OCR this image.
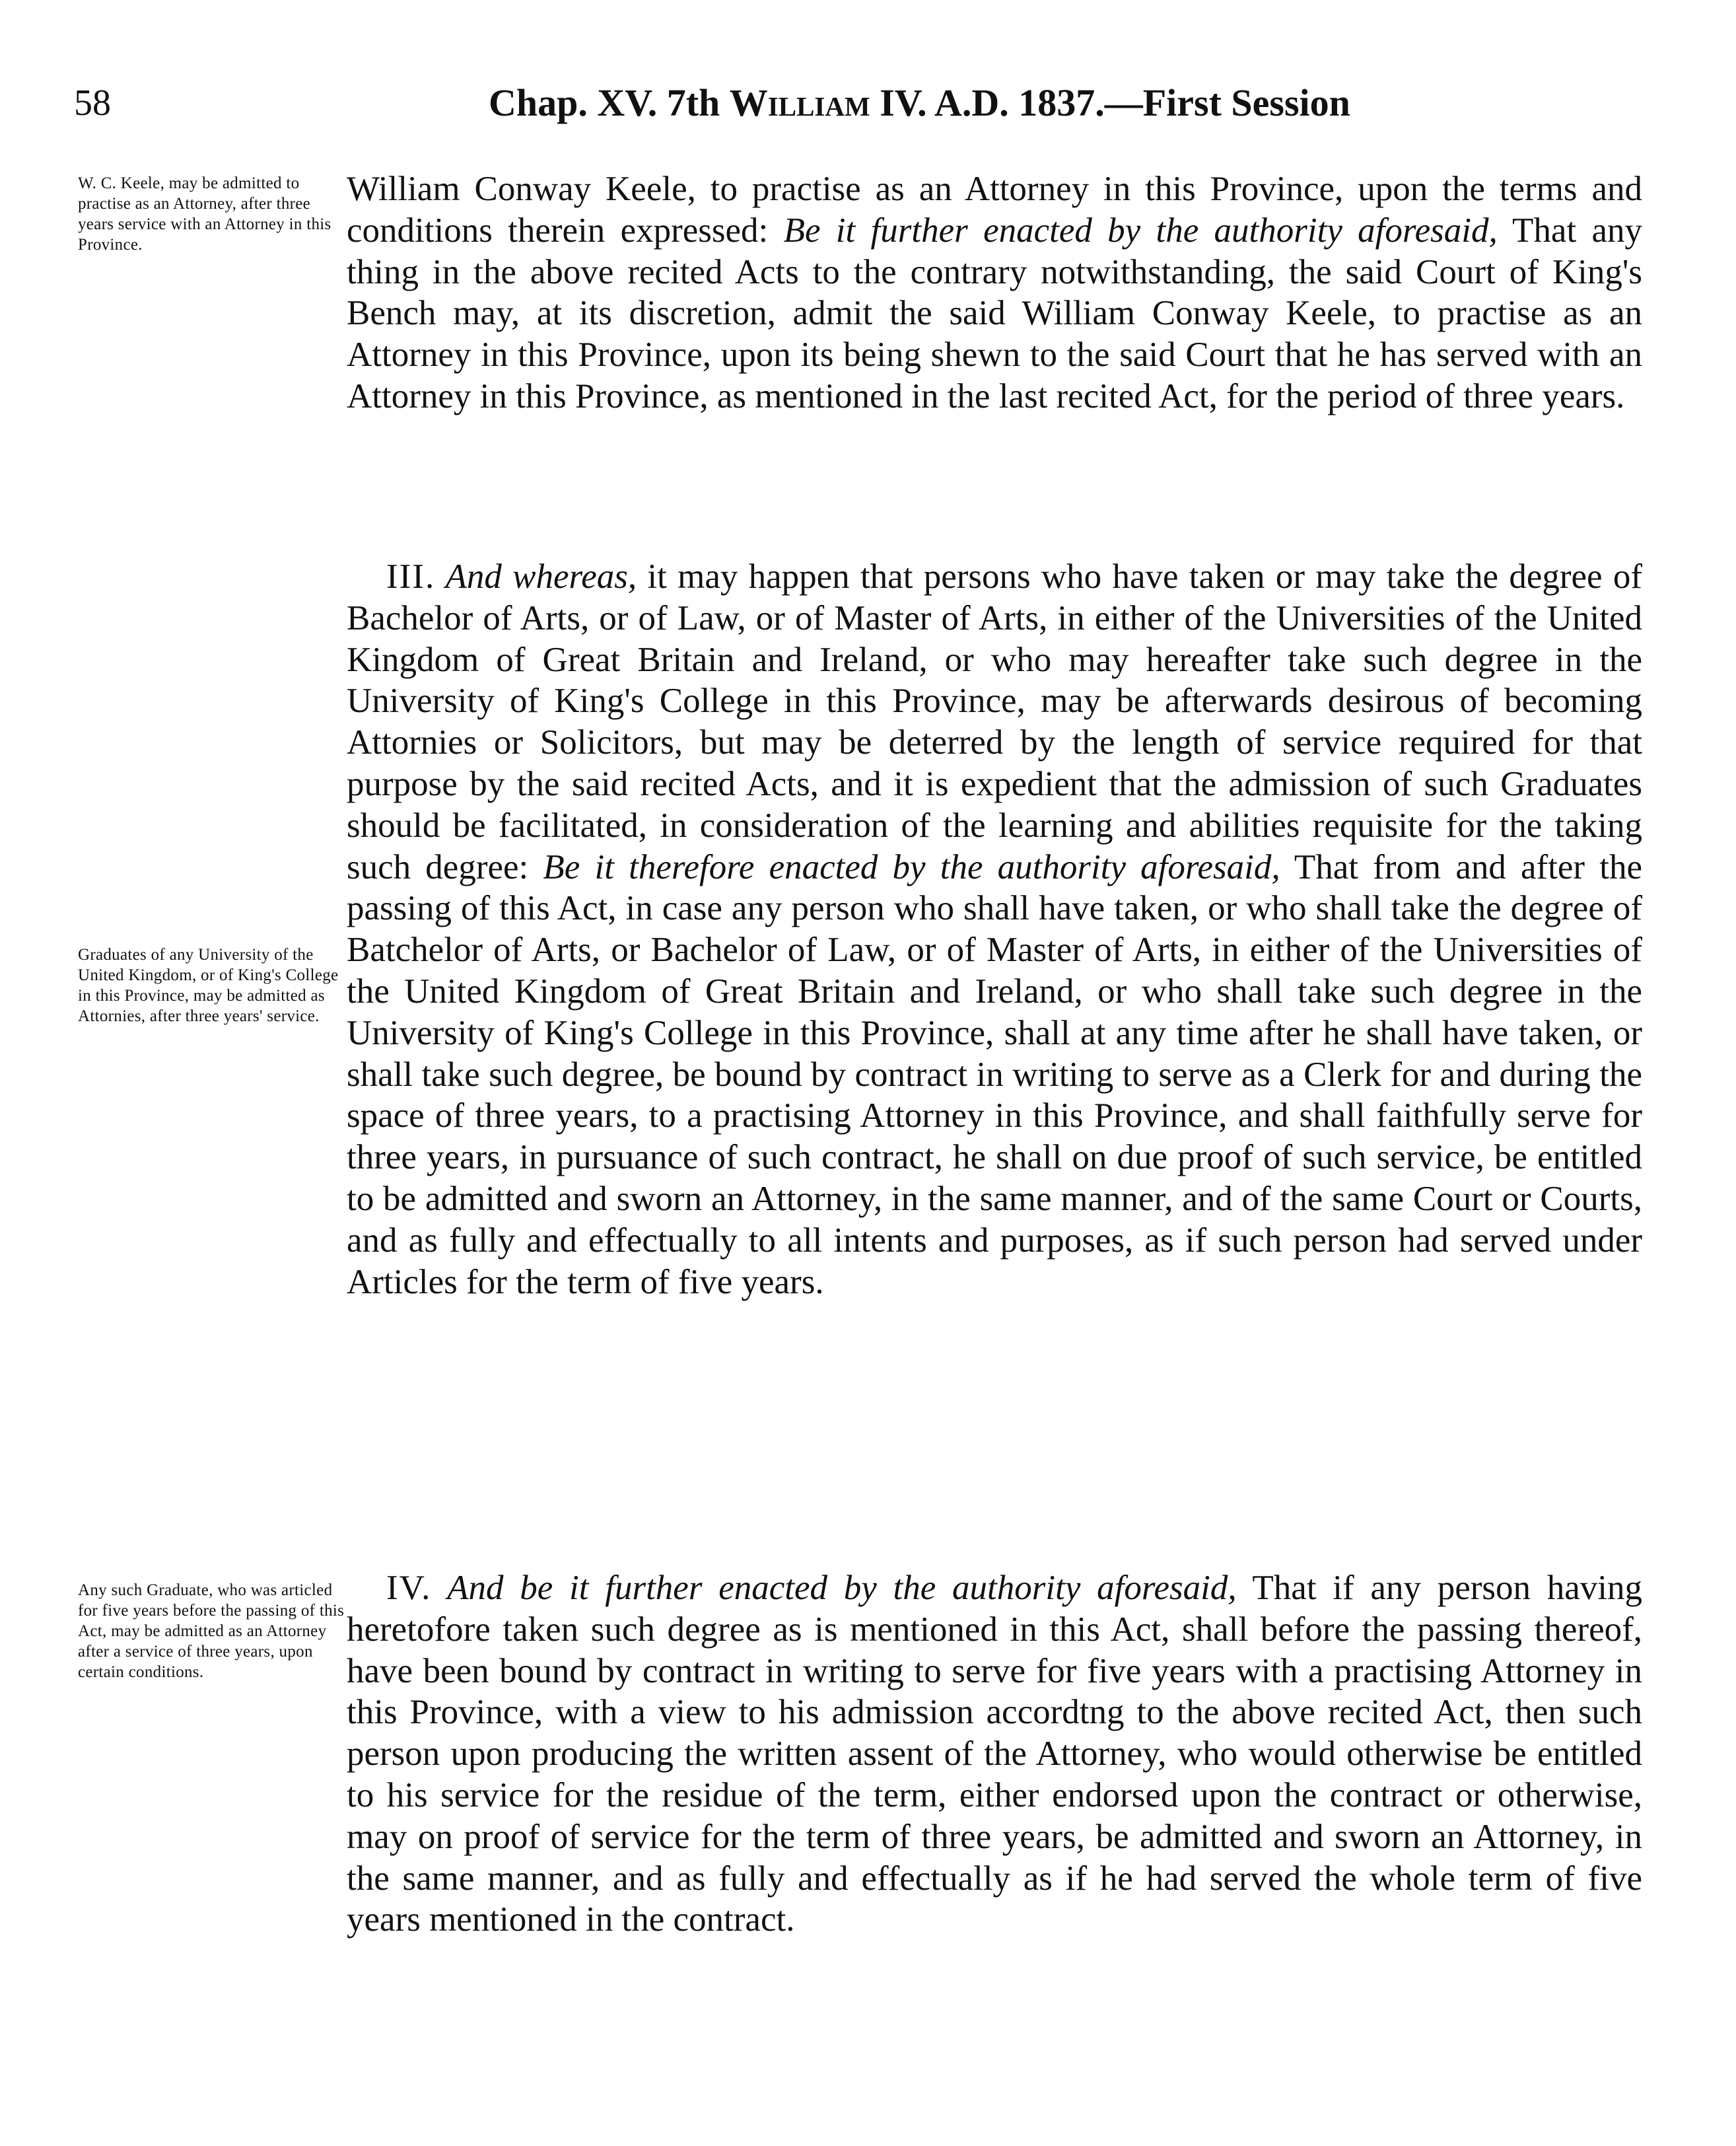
58	Chap. XV. 7th William IV. A.D. 1837.—First Session
W. C. Keele, may be admitted to practise as an Attorney, after three years service with an Attorney in this Province.
Graduates of any University of the United Kingdom, or of King's College in this Province, may be admitted as Attornies, after three years' service.
Any such Graduate, who was articled for five years before the passing of this Act, may be admitted as an Attorney after a service of three years, upon certain conditions.
William Conway Keele, to practise as an Attorney in this Province, upon the terms and conditions therein expressed: Be it further enacted by the authority aforesaid, That any thing in the above recited Acts to the contrary notwithstanding, the said Court of King's Bench may, at its discretion, admit the said William Conway Keele, to practise as an Attorney in this Province, upon its being shewn to the said Court that he has served with an Attorney in this Province, as mentioned in the last recited Act, for the period of three years.
III. And whereas, it may happen that persons who have taken or may take the degree of Bachelor of Arts, or of Law, or of Master of Arts, in either of the Universities of the United Kingdom of Great Britain and Ireland, or who may hereafter take such degree in the University of King's College in this Province, may be afterwards desirous of becoming Attornies or Solicitors, but may be deterred by the length of service required for that purpose by the said recited Acts, and it is expedient that the admission of such Graduates should be facilitated, in consideration of the learning and abilities requisite for the taking such degree: Be it therefore enacted by the authority aforesaid, That from and after the passing of this Act, in case any person who shall have taken, or who shall take the degree of Batchelor of Arts, or Bachelor of Law, or of Master of Arts, in either of the Universities of the United Kingdom of Great Britain and Ireland, or who shall take such degree in the University of King's College in this Province, shall at any time after he shall have taken, or shall take such degree, be bound by contract in writing to serve as a Clerk for and during the space of three years, to a practising Attorney in this Province, and shall faithfully serve for three years, in pursuance of such contract, he shall on due proof of such service, be entitled to be admitted and sworn an Attorney, in the same manner, and of the same Court or Courts, and as fully and effectually to all intents and purposes, as if such person had served under Articles for the term of five years.
IV. And be it further enacted by the authority aforesaid, That if any person having heretofore taken such degree as is mentioned in this Act, shall before the passing thereof, have been bound by contract in writing to serve for five years with a practising Attorney in this Province, with a view to his admission accordtng to the above recited Act, then such person upon producing the written assent of the Attorney, who would otherwise be entitled to his service for the residue of the term, either endorsed upon the contract or otherwise, may on proof of service for the term of three years, be admitted and sworn an Attorney, in the same manner, and as fully and effectually as if he had served the whole term of five years mentioned in the contract.
